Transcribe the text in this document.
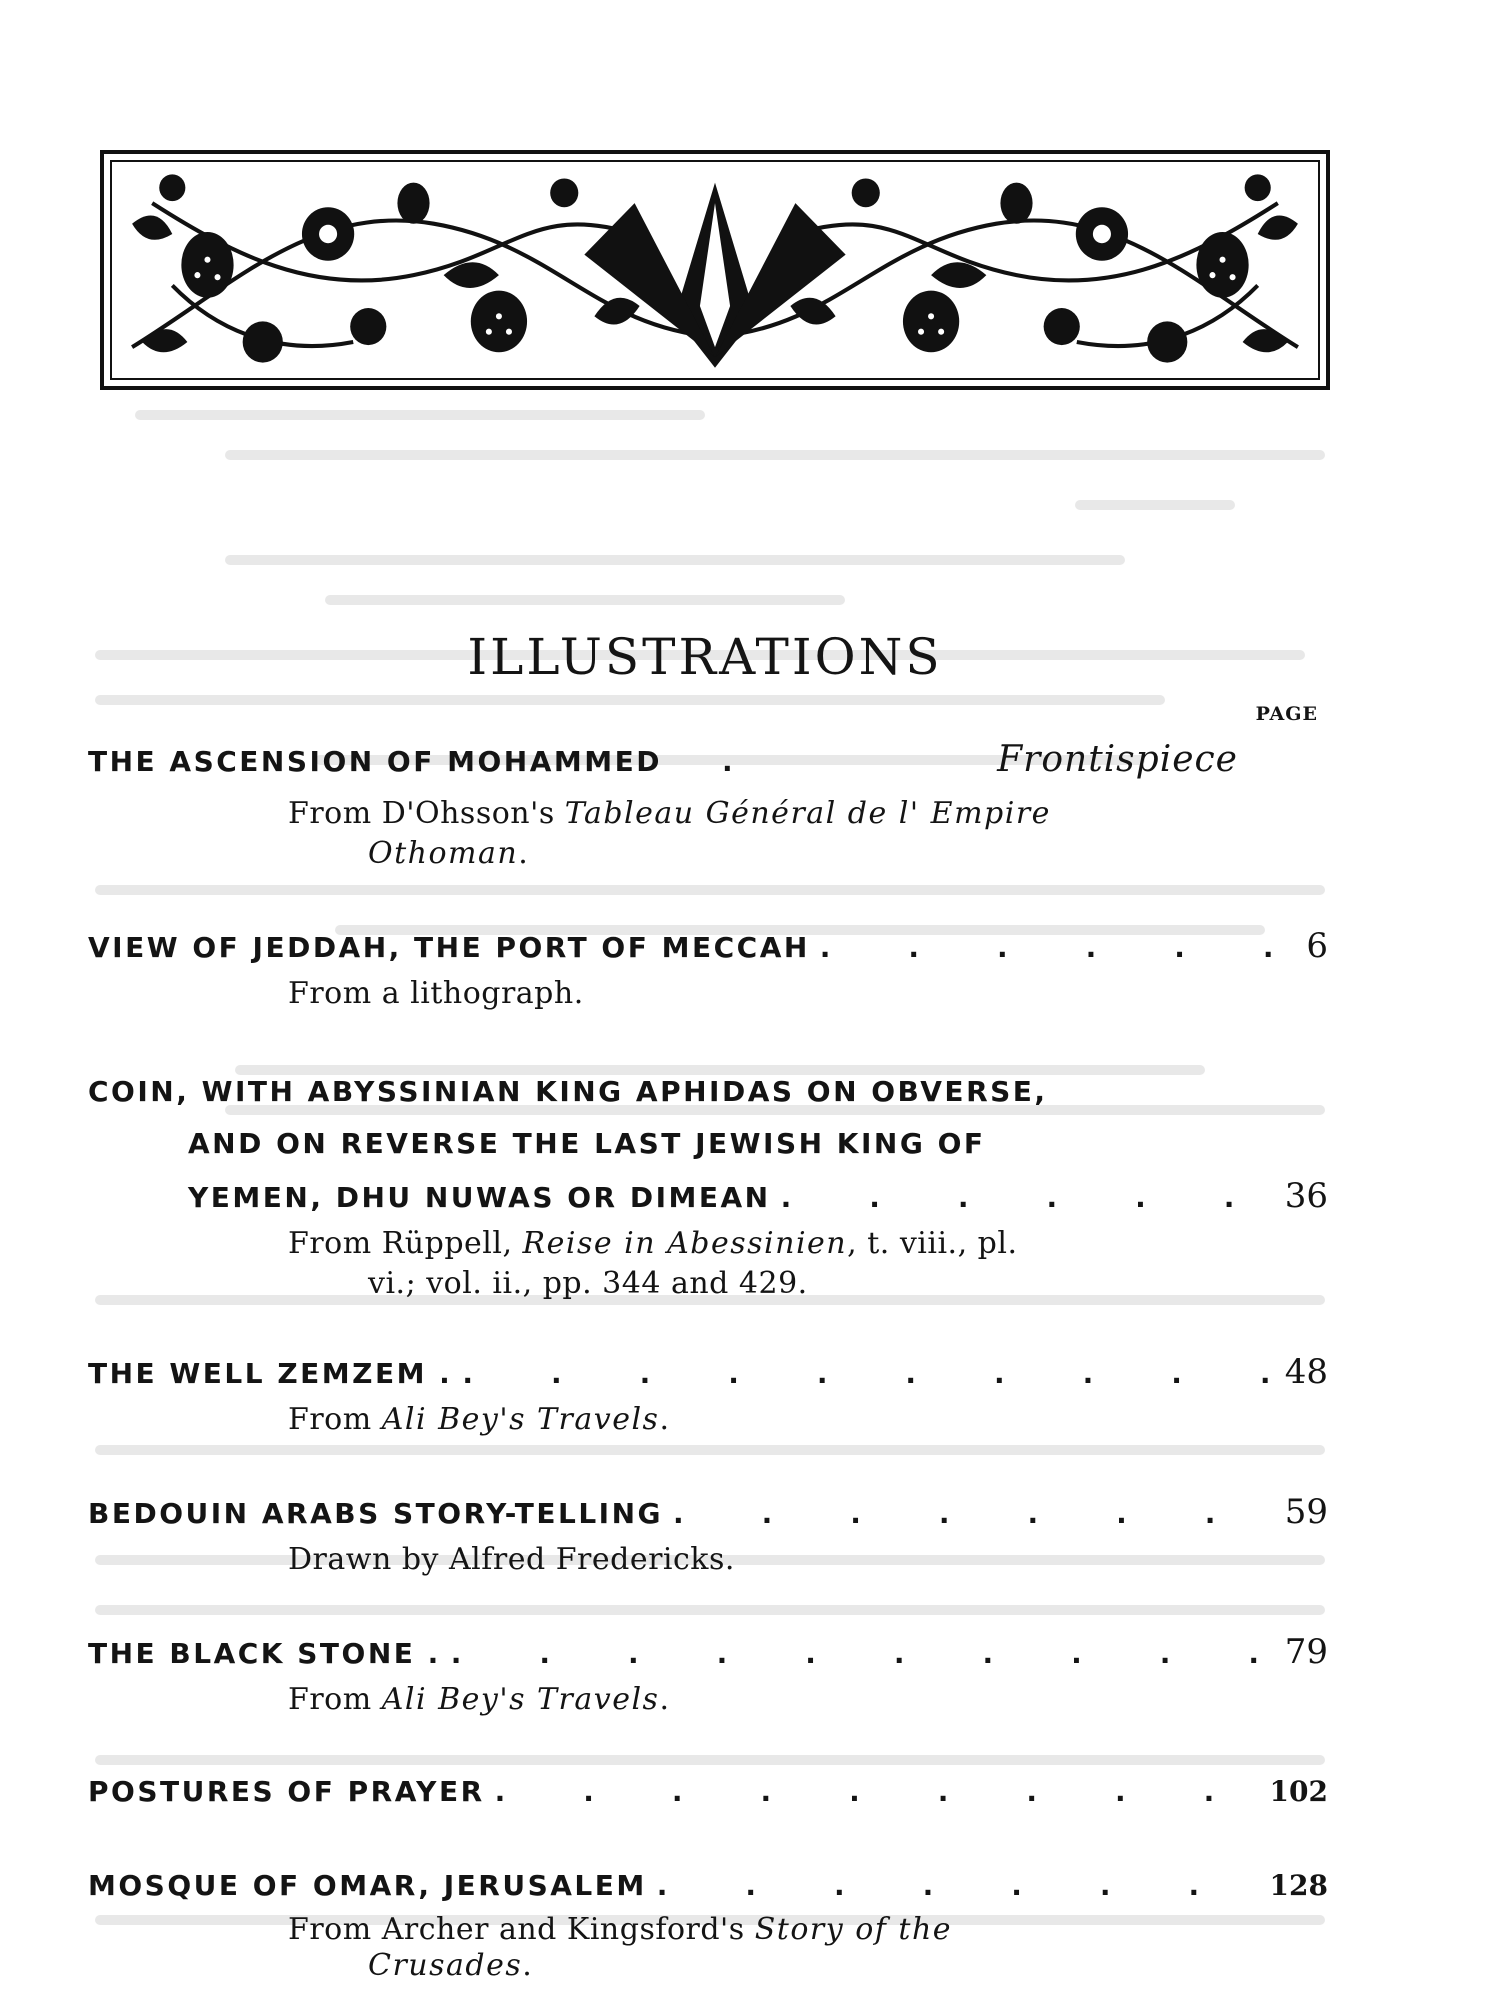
ILLUSTRATIONS
PAGE
THE ASCENSION OF MOHAMMED	.	Frontispiece
From D'Ohsson's Tableau Général de l' Empire
Othoman.
VIEW OF JEDDAH, THE PORT OF MECCAH .	6
From a lithograph.
COIN, WITH ABYSSINIAN KING APHIDAS ON OBVERSE,
AND ON REVERSE THE LAST JEWISH KING OF
YEMEN, DHU NUWAS OR DIMEAN .	36
From Rüppell, Reise in Abessinien, t. viii., pl.
vi.; vol. ii., pp. 344 and 429.
THE WELL ZEMZEM . .	48
From Ali Bey's Travels.
BEDOUIN ARABS STORY-TELLING .	59
Drawn by Alfred Fredericks.
THE BLACK STONE . .	79
From Ali Bey's Travels.
POSTURES OF PRAYER .	102
MOSQUE OF OMAR, JERUSALEM .	128
From Archer and Kingsford's Story of the
Crusades.
